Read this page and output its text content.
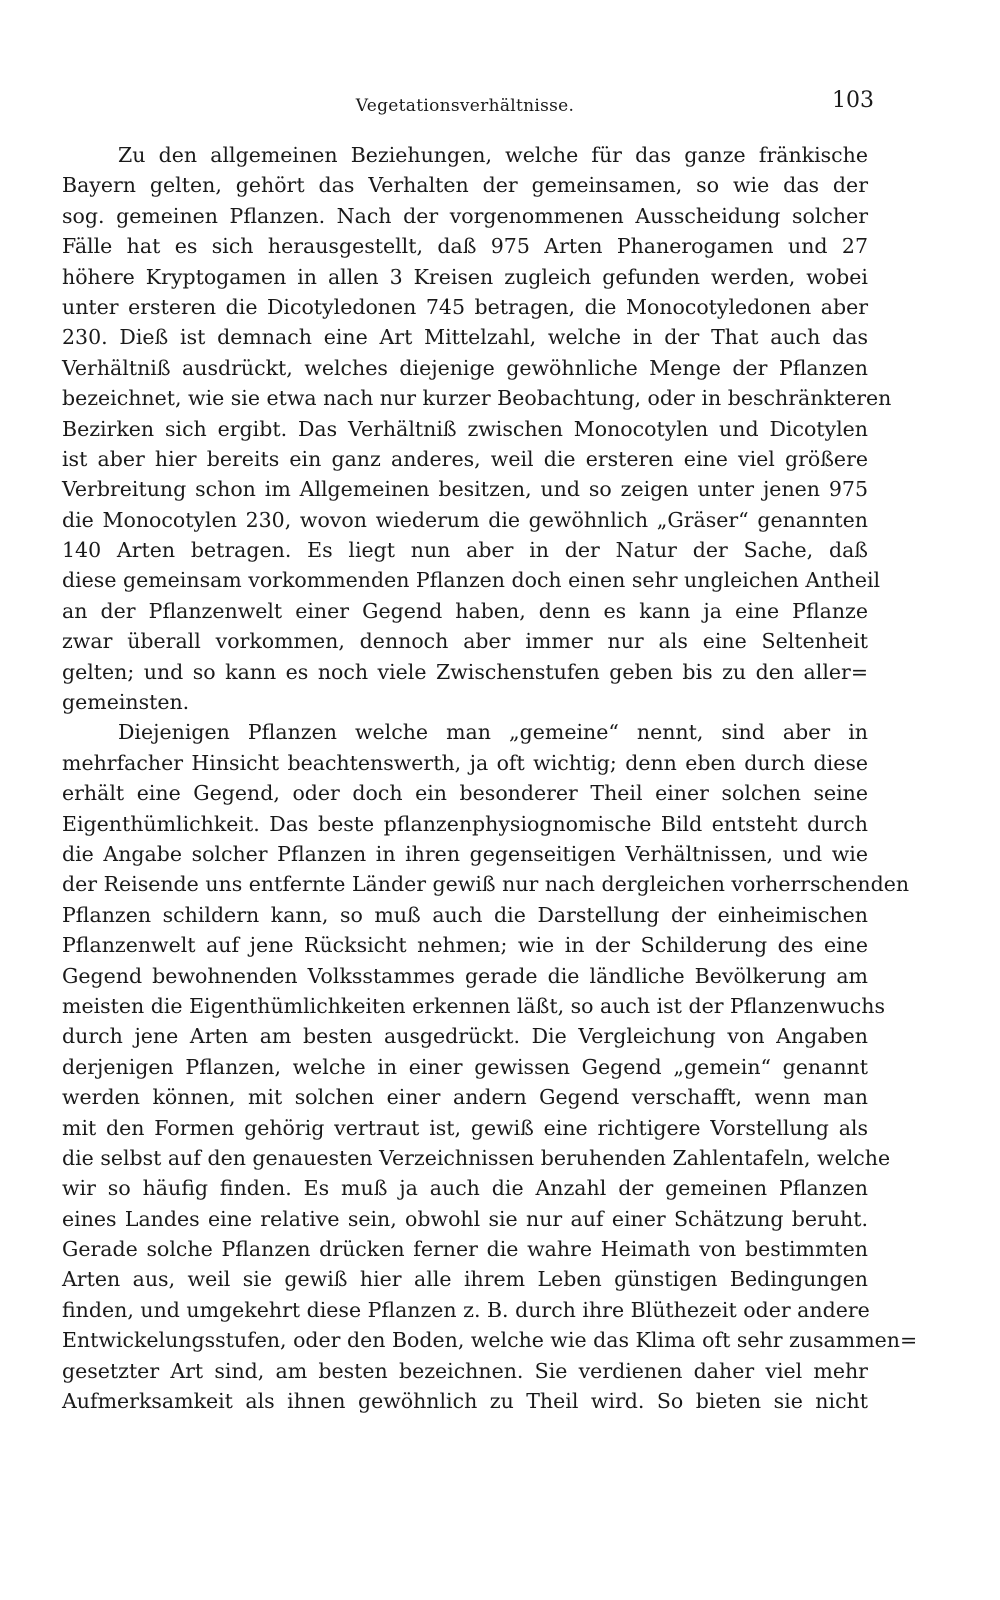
Vegetationsverhältnisse.	103
Zu den allgemeinen Beziehungen, welche für das ganze fränkische
Bayern gelten, gehört das Verhalten der gemeinsamen, so wie das der
sog. gemeinen Pflanzen. Nach der vorgenommenen Ausscheidung solcher
Fälle hat es sich herausgestellt, daß 975 Arten Phanerogamen und 27
höhere Kryptogamen in allen 3 Kreisen zugleich gefunden werden, wobei
unter ersteren die Dicotyledonen 745 betragen, die Monocotyledonen aber
230. Dieß ist demnach eine Art Mittelzahl, welche in der That auch das
Verhältniß ausdrückt, welches diejenige gewöhnliche Menge der Pflanzen
bezeichnet, wie sie etwa nach nur kurzer Beobachtung, oder in beschränkteren
Bezirken sich ergibt. Das Verhältniß zwischen Monocotylen und Dicotylen
ist aber hier bereits ein ganz anderes, weil die ersteren eine viel größere
Verbreitung schon im Allgemeinen besitzen, und so zeigen unter jenen 975
die Monocotylen 230, wovon wiederum die gewöhnlich „Gräser“ genannten
140 Arten betragen. Es liegt nun aber in der Natur der Sache, daß
diese gemeinsam vorkommenden Pflanzen doch einen sehr ungleichen Antheil
an der Pflanzenwelt einer Gegend haben, denn es kann ja eine Pflanze
zwar überall vorkommen, dennoch aber immer nur als eine Seltenheit
gelten; und so kann es noch viele Zwischenstufen geben bis zu den aller=
gemeinsten.
Diejenigen Pflanzen welche man „gemeine“ nennt, sind aber in
mehrfacher Hinsicht beachtenswerth, ja oft wichtig; denn eben durch diese
erhält eine Gegend, oder doch ein besonderer Theil einer solchen seine
Eigenthümlichkeit. Das beste pflanzenphysiognomische Bild entsteht durch
die Angabe solcher Pflanzen in ihren gegenseitigen Verhältnissen, und wie
der Reisende uns entfernte Länder gewiß nur nach dergleichen vorherrschenden
Pflanzen schildern kann, so muß auch die Darstellung der einheimischen
Pflanzenwelt auf jene Rücksicht nehmen; wie in der Schilderung des eine
Gegend bewohnenden Volksstammes gerade die ländliche Bevölkerung am
meisten die Eigenthümlichkeiten erkennen läßt, so auch ist der Pflanzenwuchs
durch jene Arten am besten ausgedrückt. Die Vergleichung von Angaben
derjenigen Pflanzen, welche in einer gewissen Gegend „gemein“ genannt
werden können, mit solchen einer andern Gegend verschafft, wenn man
mit den Formen gehörig vertraut ist, gewiß eine richtigere Vorstellung als
die selbst auf den genauesten Verzeichnissen beruhenden Zahlentafeln, welche
wir so häufig finden. Es muß ja auch die Anzahl der gemeinen Pflanzen
eines Landes eine relative sein, obwohl sie nur auf einer Schätzung beruht.
Gerade solche Pflanzen drücken ferner die wahre Heimath von bestimmten
Arten aus, weil sie gewiß hier alle ihrem Leben günstigen Bedingungen
finden, und umgekehrt diese Pflanzen z. B. durch ihre Blüthezeit oder andere
Entwickelungsstufen, oder den Boden, welche wie das Klima oft sehr zusammen=
gesetzter Art sind, am besten bezeichnen. Sie verdienen daher viel mehr
Aufmerksamkeit als ihnen gewöhnlich zu Theil wird. So bieten sie nicht
